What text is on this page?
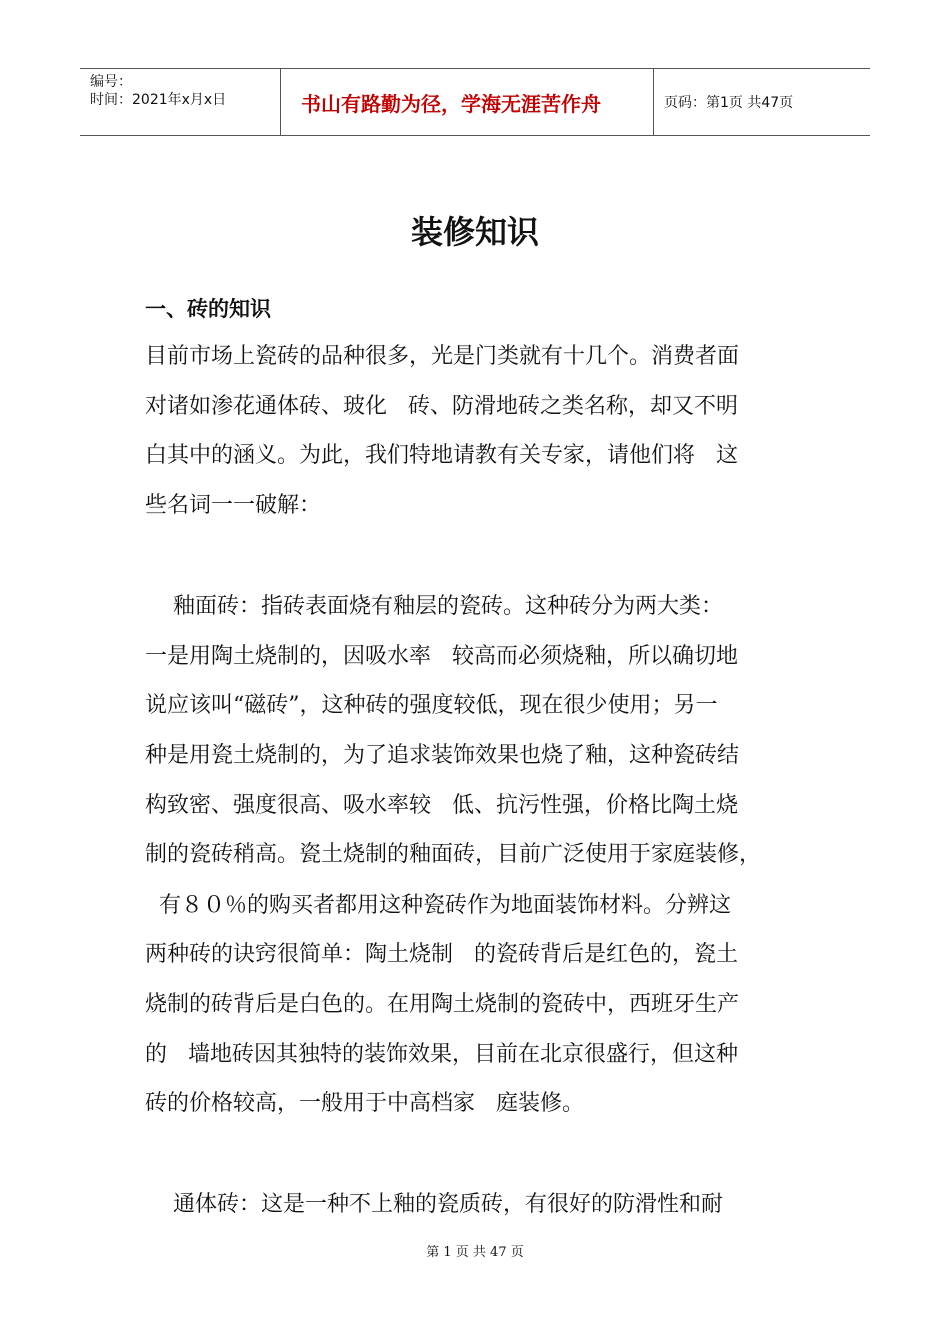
编号：
时间：2021年x月x日	书山有路勤为径，学海无涯苦作舟	页码：第1页 共47页
装修知识
一、砖的知识
目前市场上瓷砖的品种很多，光是门类就有十几个。消费者面
对诸如渗花通体砖、玻化   砖、防滑地砖之类名称，却又不明
白其中的涵义。为此，我们特地请教有关专家，请他们将   这
些名词一一破解：
釉面砖：指砖表面烧有釉层的瓷砖。这种砖分为两大类：
一是用陶土烧制的，因吸水率   较高而必须烧釉，所以确切地
说应该叫“磁砖”，这种砖的强度较低，现在很少使用；另一
种是用瓷土烧制的，为了追求装饰效果也烧了釉，这种瓷砖结
构致密、强度很高、吸水率较   低、抗污性强，价格比陶土烧
制的瓷砖稍高。瓷土烧制的釉面砖，目前广泛使用于家庭装修，
有８０％的购买者都用这种瓷砖作为地面装饰材料。分辨这
两种砖的诀窍很简单：陶土烧制   的瓷砖背后是红色的，瓷土
烧制的砖背后是白色的。在用陶土烧制的瓷砖中，西班牙生产
的   墙地砖因其独特的装饰效果，目前在北京很盛行，但这种
砖的价格较高，一般用于中高档家   庭装修。
通体砖：这是一种不上釉的瓷质砖，有很好的防滑性和耐
第 1 页 共 47 页
